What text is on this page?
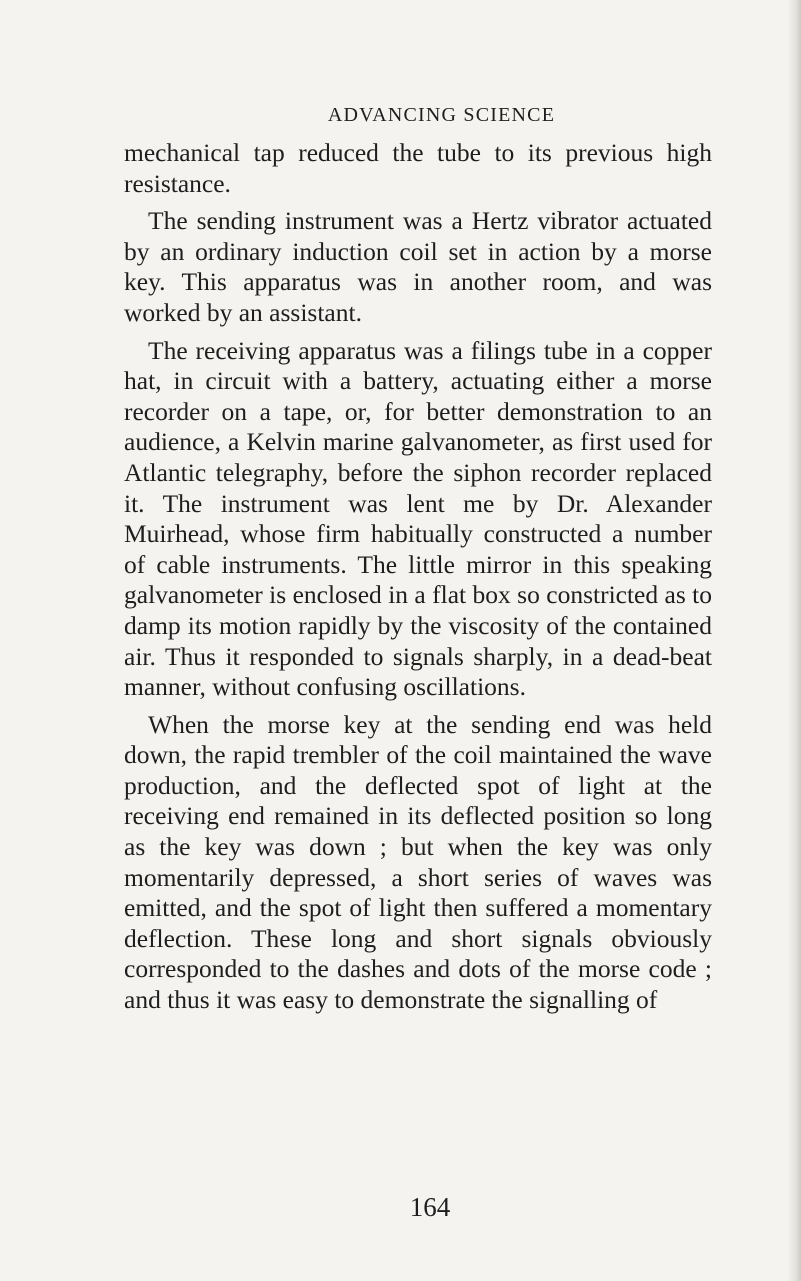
ADVANCING SCIENCE

mechanical tap reduced the tube to its previous high resistance.

The sending instrument was a Hertz vibrator actuated by an ordinary induction coil set in action by a morse key. This apparatus was in another room, and was worked by an assistant.

The receiving apparatus was a filings tube in a copper hat, in circuit with a battery, actuating either a morse recorder on a tape, or, for better demonstration to an audience, a Kelvin marine galvanometer, as first used for Atlantic telegraphy, before the siphon recorder replaced it. The instrument was lent me by Dr. Alexander Muirhead, whose firm habitually constructed a number of cable instruments. The little mirror in this speaking galvanometer is enclosed in a flat box so constricted as to damp its motion rapidly by the viscosity of the contained air. Thus it responded to signals sharply, in a dead-beat manner, without confusing oscillations.

When the morse key at the sending end was held down, the rapid trembler of the coil maintained the wave production, and the deflected spot of light at the receiving end remained in its deflected position so long as the key was down ; but when the key was only momentarily depressed, a short series of waves was emitted, and the spot of light then suffered a momentary deflection. These long and short signals obviously corresponded to the dashes and dots of the morse code ; and thus it was easy to demonstrate the signalling of

164
